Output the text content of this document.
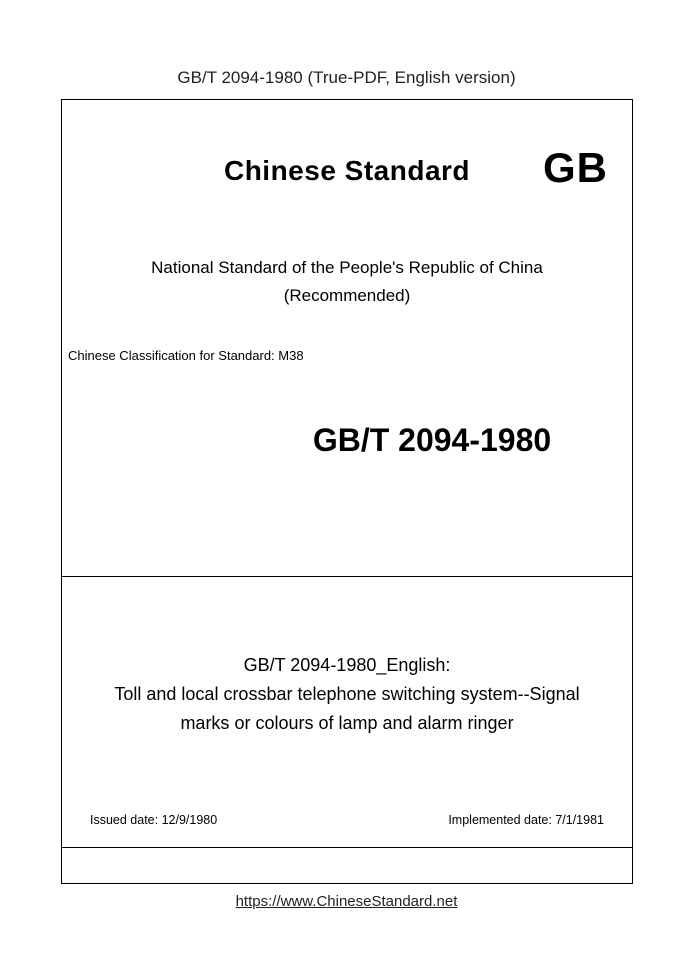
GB/T 2094-1980 (True-PDF, English version)
Chinese Standard	GB
National Standard of the People's Republic of China
(Recommended)
Chinese Classification for Standard: M38
GB/T 2094-1980
GB/T 2094-1980_English:
Toll and local crossbar telephone switching system--Signal
marks or colours of lamp and alarm ringer
Issued date: 12/9/1980	Implemented date: 7/1/1981
https://www.ChineseStandard.net
